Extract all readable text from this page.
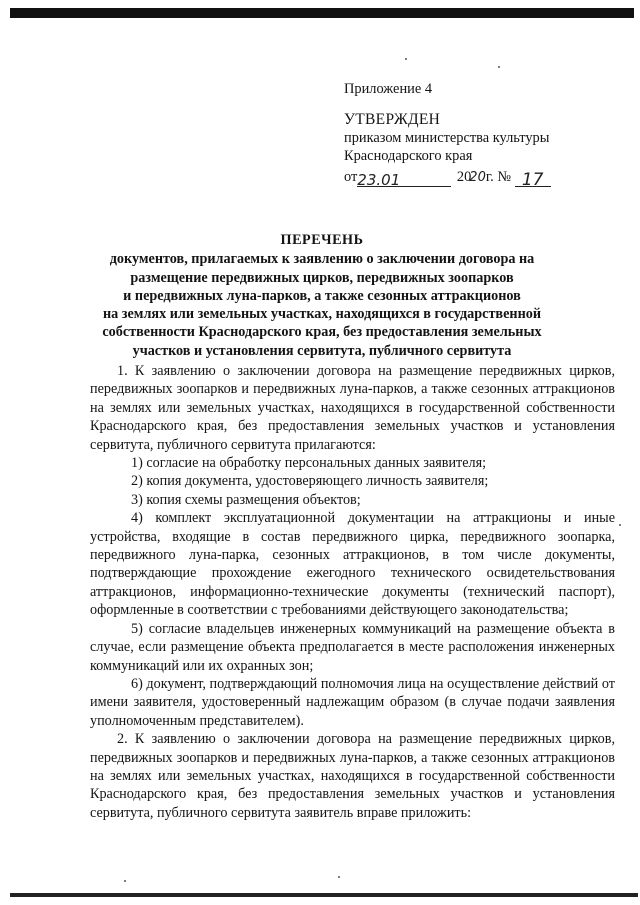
Приложение 4
УТВЕРЖДЕН
приказом министерства культуры
Краснодарского края
от23.01	2020г. № 17
ПЕРЕЧЕНЬ
документов, прилагаемых к заявлению о заключении договора на
размещение передвижных цирков, передвижных зоопарков
и передвижных луна-парков, а также сезонных аттракционов
на землях или земельных участках, находящихся в государственной
собственности Краснодарского края, без предоставления земельных
участков и установления сервитута, публичного сервитута

1. К заявлению о заключении договора на размещение передвижных цирков, передвижных зоопарков и передвижных луна-парков, а также сезонных аттракционов на землях или земельных участках, находящихся в государственной собственности Краснодарского края, без предоставления земельных участков и установления сервитута, публичного сервитута прилагаются:

1) согласие на обработку персональных данных заявителя;

2) копия документа, удостоверяющего личность заявителя;

3) копия схемы размещения объектов;

4) комплект эксплуатационной документации на аттракционы и иные устройства, входящие в состав передвижного цирка, передвижного зоопарка, передвижного луна-парка, сезонных аттракционов, в том числе документы, подтверждающие прохождение ежегодного технического освидетельствования аттракционов, информационно-технические документы (технический паспорт), оформленные в соответствии с требованиями действующего законодательства;

5) согласие владельцев инженерных коммуникаций на размещение объекта в случае, если размещение объекта предполагается в месте расположения инженерных коммуникаций или их охранных зон;

6) документ, подтверждающий полномочия лица на осуществление действий от имени заявителя, удостоверенный надлежащим образом (в случае подачи заявления уполномоченным представителем).

2. К заявлению о заключении договора на размещение передвижных цирков, передвижных зоопарков и передвижных луна-парков, а также сезонных аттракционов на землях или земельных участках, находящихся в государственной собственности Краснодарского края, без предоставления земельных участков и установления сервитута, публичного сервитута заявитель вправе приложить:
